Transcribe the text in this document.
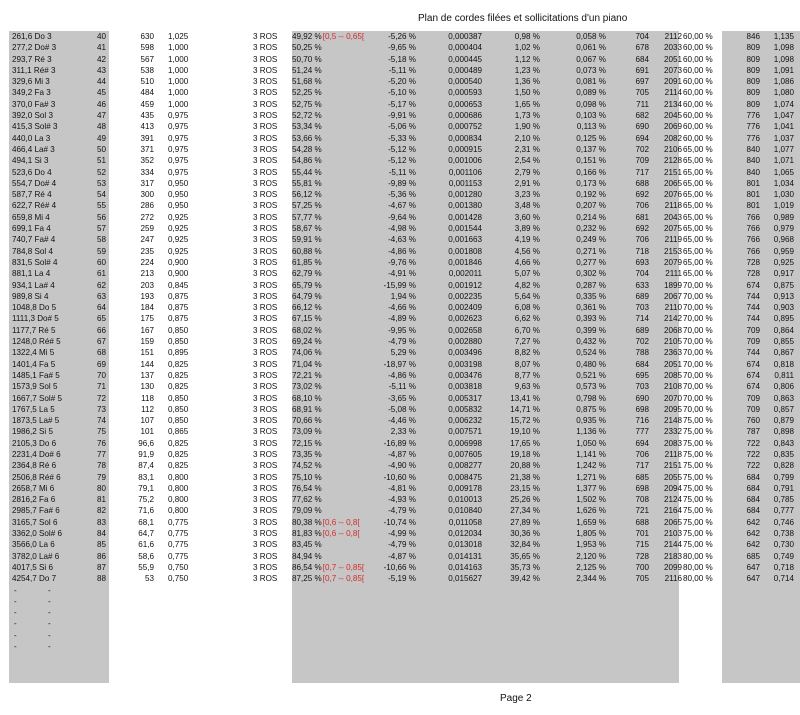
Plan de cordes filées et sollicitations d'un piano
261,6 Do 3	40	630 1,025	3 ROS 49,92 %[0,5 -- 0,65[	-5,26 %	0,000387	0,98 %	0,058 %	704	2112 60,00 %	846	1,135
277,2 Do# 3	41	598 1,000	3 ROS 50,25 %	-9,65 %	0,000404	1,02 %	0,061 %	678	2033 60,00 %	809	1,098
293,7 Ré 3	42	567 1,000	3 ROS 50,70 %	-5,18 %	0,000445	1,12 %	0,067 %	684	2051 60,00 %	809	1,098
311,1 Ré# 3	43	538 1,000	3 ROS 51,24 %	-5,11 %	0,000489	1,23 %	0,073 %	691	2073 60,00 %	809	1,091
329,6 Mi 3	44	510 1,000	3 ROS 51,68 %	-5,20 %	0,000540	1,36 %	0,081 %	697	2091 60,00 %	809	1,086
349,2 Fa 3	45	484 1,000	3 ROS 52,25 %	-5,10 %	0,000593	1,50 %	0,089 %	705	2114 60,00 %	809	1,080
370,0 Fa# 3	46	459 1,000	3 ROS 52,75 %	-5,17 %	0,000653	1,65 %	0,098 %	711	2134 60,00 %	809	1,074
392,0 Sol 3	47	435 0,975	3 ROS 52,72 %	-9,91 %	0,000686	1,73 %	0,103 %	682	2045 60,00 %	776	1,047
415,3 Sol# 3	48	413 0,975	3 ROS 53,34 %	-5,06 %	0,000752	1,90 %	0,113 %	690	2069 60,00 %	776	1,041
440,0 La 3	49	391 0,975	3 ROS 53,66 %	-5,33 %	0,000834	2,10 %	0,125 %	694	2082 60,00 %	776	1,037
466,4 La# 3	50	371 0,975	3 ROS 54,28 %	-5,12 %	0,000915	2,31 %	0,137 %	702	2106 65,00 %	840	1,077
494,1 Si 3	51	352 0,975	3 ROS 54,86 %	-5,12 %	0,001006	2,54 %	0,151 %	709	2128 65,00 %	840	1,071
523,6 Do 4	52	334 0,975	3 ROS 55,44 %	-5,11 %	0,001106	2,79 %	0,166 %	717	2151 65,00 %	840	1,065
554,7 Do# 4	53	317 0,950	3 ROS 55,81 %	-9,89 %	0,001153	2,91 %	0,173 %	688	2065 65,00 %	801	1,034
587,7 Ré 4	54	300 0,950	3 ROS 56,12 %	-5,36 %	0,001280	3,23 %	0,192 %	692	2076 65,00 %	801	1,030
622,7 Ré# 4	55	286 0,950	3 ROS 57,25 %	-4,67 %	0,001380	3,48 %	0,207 %	706	2118 65,00 %	801	1,019
659,8 Mi 4	56	272 0,925	3 ROS 57,77 %	-9,64 %	0,001428	3,60 %	0,214 %	681	2043 65,00 %	766	0,989
699,1 Fa 4	57	259 0,925	3 ROS 58,67 %	-4,98 %	0,001544	3,89 %	0,232 %	692	2075 65,00 %	766	0,979
740,7 Fa# 4	58	247 0,925	3 ROS 59,91 %	-4,63 %	0,001663	4,19 %	0,249 %	706	2119 65,00 %	766	0,968
784,8 Sol 4	59	235 0,925	3 ROS 60,88 %	-4,86 %	0,001808	4,56 %	0,271 %	718	2153 65,00 %	766	0,959
831,5 Sol# 4	60	224 0,900	3 ROS 61,85 %	-9,76 %	0,001846	4,66 %	0,277 %	693	2079 65,00 %	728	0,925
881,1 La 4	61	213 0,900	3 ROS 62,79 %	-4,91 %	0,002011	5,07 %	0,302 %	704	2111 65,00 %	728	0,917
934,1 La# 4	62	203 0,845	3 ROS 65,79 %	-15,99 %	0,001912	4,82 %	0,287 %	633	1899 70,00 %	674	0,875
989,8 Si 4	63	193 0,875	3 ROS 64,79 %	1,94 %	0,002235	5,64 %	0,335 %	689	2067 70,00 %	744	0,913
1048,8 Do 5	64	184 0,875	3 ROS 66,12 %	-4,66 %	0,002409	6,08 %	0,361 %	703	2110 70,00 %	744	0,903
1111,3 Do# 5	65	175 0,875	3 ROS 67,15 %	-4,89 %	0,002623	6,62 %	0,393 %	714	2142 70,00 %	744	0,895
1177,7 Ré 5	66	167 0,850	3 ROS 68,02 %	-9,95 %	0,002658	6,70 %	0,399 %	689	2068 70,00 %	709	0,864
1248,0 Ré# 5	67	159 0,850	3 ROS 69,24 %	-4,79 %	0,002880	7,27 %	0,432 %	702	2105 70,00 %	709	0,855
1322,4 Mi 5	68	151 0,895	3 ROS 74,06 %	5,29 %	0,003496	8,82 %	0,524 %	788	2363 70,00 %	744	0,867
1401,4 Fa 5	69	144 0,825	3 ROS 71,04 %	-18,97 %	0,003198	8,07 %	0,480 %	684	2051 70,00 %	674	0,818
1485,1 Fa# 5	70	137 0,825	3 ROS 72,21 %	-4,86 %	0,003476	8,77 %	0,521 %	695	2085 70,00 %	674	0,811
1573,9 Sol 5	71	130 0,825	3 ROS 73,02 %	-5,11 %	0,003818	9,63 %	0,573 %	703	2108 70,00 %	674	0,806
1667,7 Sol# 5	72	118 0,850	3 ROS 68,10 %	-3,65 %	0,005317	13,41 %	0,798 %	690	2070 70,00 %	709	0,863
1767,5 La 5	73	112 0,850	3 ROS 68,91 %	-5,08 %	0,005832	14,71 %	0,875 %	698	2095 70,00 %	709	0,857
1873,5 La# 5	74	107 0,850	3 ROS 70,66 %	-4,46 %	0,006232	15,72 %	0,935 %	716	2148 75,00 %	760	0,879
1986,2 Si 5	75	101 0,865	3 ROS 73,09 %	2,33 %	0,007571	19,10 %	1,136 %	777	2332 75,00 %	787	0,898
2105,3 Do 6	76	96,6 0,825	3 ROS 72,15 %	-16,89 %	0,006998	17,65 %	1,050 %	694	2083 75,00 %	722	0,843
2231,4 Do# 6	77	91,9 0,825	3 ROS 73,35 %	-4,87 %	0,007605	19,18 %	1,141 %	706	2118 75,00 %	722	0,835
2364,8 Ré 6	78	87,4 0,825	3 ROS 74,52 %	-4,90 %	0,008277	20,88 %	1,242 %	717	2151 75,00 %	722	0,828
2506,8 Ré# 6	79	83,1 0,800	3 ROS 75,10 %	-10,60 %	0,008475	21,38 %	1,271 %	685	2055 75,00 %	684	0,799
2658,7 Mi 6	80	79,1 0,800	3 ROS 76,54 %	-4,81 %	0,009178	23,15 %	1,377 %	698	2094 75,00 %	684	0,791
2816,2 Fa 6	81	75,2 0,800	3 ROS 77,62 %	-4,93 %	0,010013	25,26 %	1,502 %	708	2124 75,00 %	684	0,785
2985,7 Fa# 6	82	71,6 0,800	3 ROS 79,09 %	-4,79 %	0,010840	27,34 %	1,626 %	721	2164 75,00 %	684	0,777
3165,7 Sol 6	83	68,1 0,775	3 ROS 80,38 %[0,6 -- 0,8[	-10,74 %	0,011058	27,89 %	1,659 %	688	2065 75,00 %	642	0,746
3362,0 Sol# 6	84	64,7 0,775	3 ROS 81,83 %[0,6 -- 0,8[	-4,99 %	0,012034	30,36 %	1,805 %	701	2103 75,00 %	642	0,738
3566,0 La 6	85	61,6 0,775	3 ROS 83,45 %	-4,79 %	0,013018	32,84 %	1,953 %	715	2144 75,00 %	642	0,730
3782,0 La# 6	86	58,6 0,775	3 ROS 84,94 %	-4,87 %	0,014131	35,65 %	2,120 %	728	2183 80,00 %	685	0,749
4017,5 Si 6	87	55,9 0,750	3 ROS 86,54 %[0,7 -- 0,85[	-10,66 %	0,014163	35,73 %	2,125 %	700	2099 80,00 %	647	0,718
4254,7 Do 7	88	53 0,750	3 ROS 87,25 %[0,7 -- 0,85[	-5,19 %	0,015627	39,42 %	2,344 %	705	2116 80,00 %	647	0,714
-	-
-	-
-	-
-	-
-	-
-	-
Page 2
